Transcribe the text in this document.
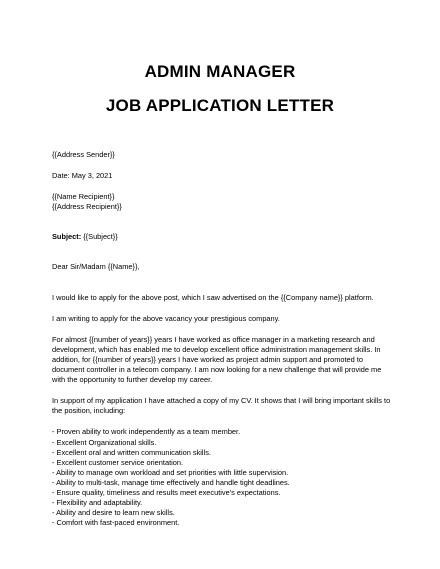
ADMIN MANAGER
JOB APPLICATION LETTER

{{Address Sender}}

Date: May 3, 2021

{{Name Recipient}}

{{Address Recipient}}

Subject: {{Subject}}

Dear Sir/Madam {{Name}},

I would like to apply for the above post, which I saw advertised on the {{Company name}} platform.

I am writing to apply for the above vacancy your prestigious company.

For almost {{number of years}} years I have worked as office manager in a marketing research and development, which has enabled me to develop excellent office administration management skills. In addition, for {{number of years}} years I have worked as project admin support and promoted to document controller in a telecom company. I am now looking for a new challenge that will provide me with the opportunity to further develop my career.

In support of my application I have attached a copy of my CV. It shows that I will bring important skills to the position, including:

- Proven ability to work independently as a team member.
- Excellent Organizational skills.
- Excellent oral and written communication skills.
- Excellent customer service orientation.
- Ability to manage own workload and set priorities with little supervision.
- Ability to multi-task, manage time effectively and handle tight deadlines.
- Ensure quality, timeliness and results meet executive's expectations.
- Flexibility and adaptability.
- Ability and desire to learn new skills.
- Comfort with fast-paced environment.
